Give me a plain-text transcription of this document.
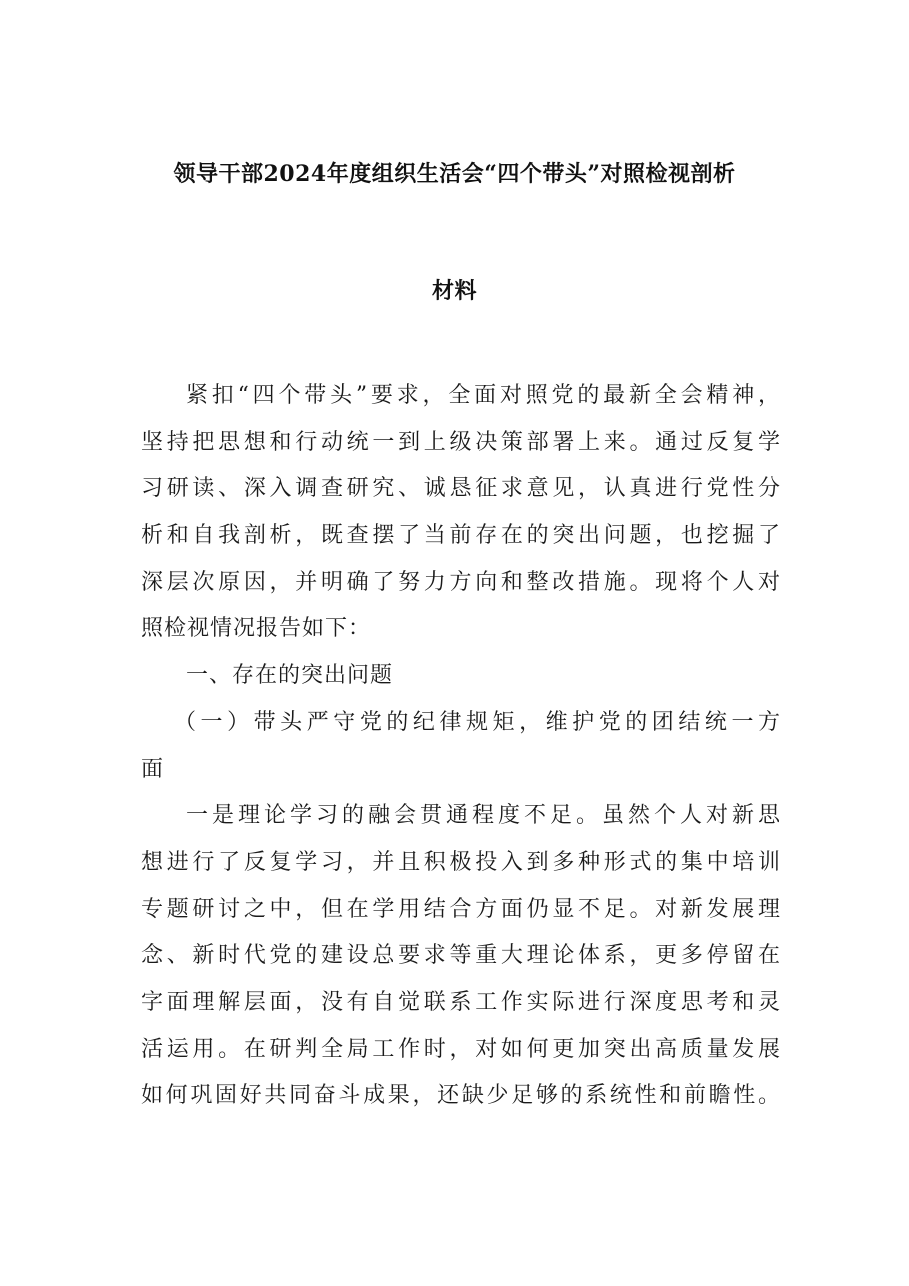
领导干部2024年度组织生活会“四个带头”对照检视剖析
材料
紧扣“四个带头”要求，全面对照党的最新全会精神，
坚持把思想和行动统一到上级决策部署上来。通过反复学
习研读、深入调查研究、诚恳征求意见，认真进行党性分
析和自我剖析，既查摆了当前存在的突出问题，也挖掘了
深层次原因，并明确了努力方向和整改措施。现将个人对
照检视情况报告如下：
一、存在的突出问题
（一）带头严守党的纪律规矩，维护党的团结统一方
面
一是理论学习的融会贯通程度不足。虽然个人对新思
想进行了反复学习，并且积极投入到多种形式的集中培训
专题研讨之中，但在学用结合方面仍显不足。对新发展理
念、新时代党的建设总要求等重大理论体系，更多停留在
字面理解层面，没有自觉联系工作实际进行深度思考和灵
活运用。在研判全局工作时，对如何更加突出高质量发展
如何巩固好共同奋斗成果，还缺少足够的系统性和前瞻性。
